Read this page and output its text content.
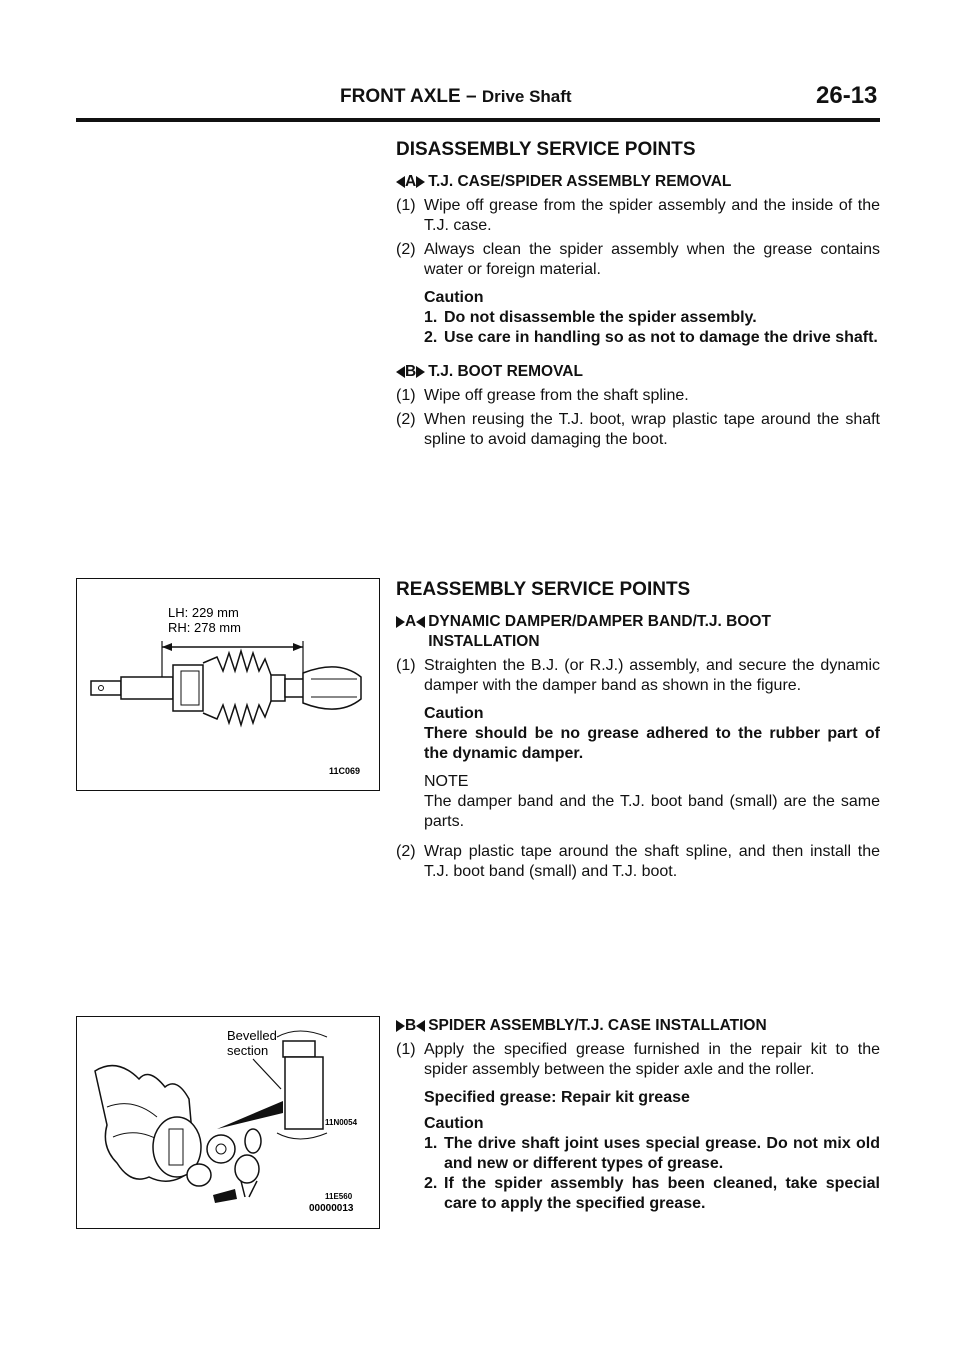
FRONT AXLE – Drive Shaft	26-13
DISASSEMBLY SERVICE POINTS
A T.J. CASE/SPIDER ASSEMBLY REMOVAL
(1) Wipe off grease from the spider assembly and the inside of the T.J. case.
(2) Always clean the spider assembly when the grease contains water or foreign material.
Caution
1. Do not disassemble the spider assembly.
2. Use care in handling so as not to damage the drive shaft.
B T.J. BOOT REMOVAL
(1) Wipe off grease from the shaft spline.
(2) When reusing the T.J. boot, wrap plastic tape around the shaft spline to avoid damaging the boot.
REASSEMBLY SERVICE POINTS
A DYNAMIC DAMPER/DAMPER BAND/T.J. BOOT
INSTALLATION
(1) Straighten the B.J. (or R.J.) assembly, and secure the dynamic damper with the damper band as shown in the figure.
Caution
There should be no grease adhered to the rubber part of the dynamic damper.
NOTE
The damper band and the T.J. boot band (small) are the same parts.
(2) Wrap plastic tape around the shaft spline, and then install the T.J. boot band (small) and T.J. boot.
B SPIDER ASSEMBLY/T.J. CASE INSTALLATION
(1) Apply the specified grease furnished in the repair kit to the spider assembly between the spider axle and the roller.
Specified grease: Repair kit grease
Caution
1. The drive shaft joint uses special grease. Do not mix old and new or different types of grease.
2. If the spider assembly has been cleaned, take special care to apply the specified grease.
LH: 229 mm
RH: 278 mm
11C069
Bevelled
section
11N0054
11E560
00000013
